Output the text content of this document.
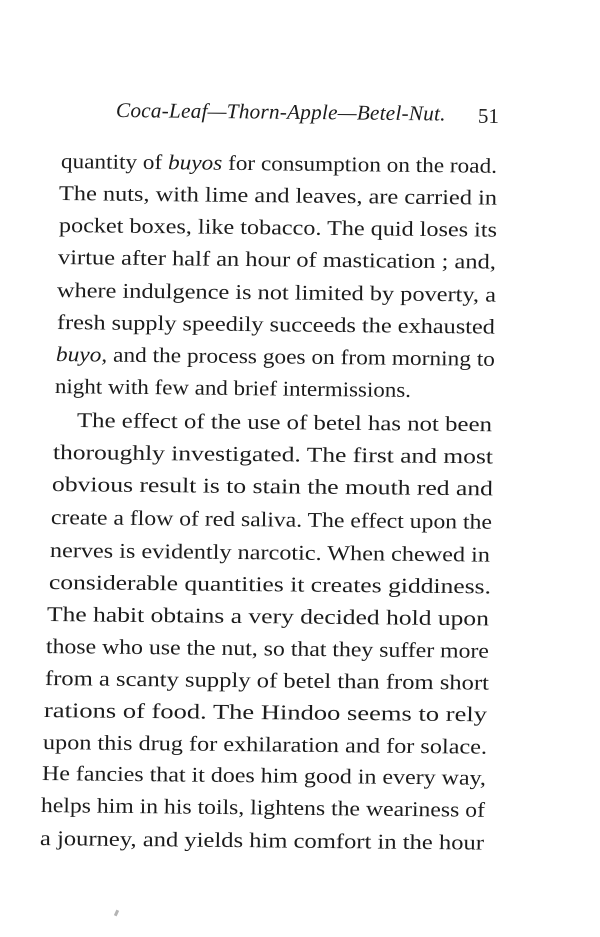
Coca-Leaf—Thorn-Apple—Betel-Nut. 51
quantity of buyos for consumption on the road.
The nuts, with lime and leaves, are carried in
pocket boxes, like tobacco. The quid loses its
virtue after half an hour of mastication ; and,
where indulgence is not limited by poverty, a
fresh supply speedily succeeds the exhausted
buyo, and the process goes on from morning to
night with few and brief intermissions.
The effect of the use of betel has not been
thoroughly investigated. The first and most
obvious result is to stain the mouth red and
create a flow of red saliva. The effect upon the
nerves is evidently narcotic. When chewed in
considerable quantities it creates giddiness.
The habit obtains a very decided hold upon
those who use the nut, so that they suffer more
from a scanty supply of betel than from short
rations of food. The Hindoo seems to rely
upon this drug for exhilaration and for solace.
He fancies that it does him good in every way,
helps him in his toils, lightens the weariness of
a journey, and yields him comfort in the hour
